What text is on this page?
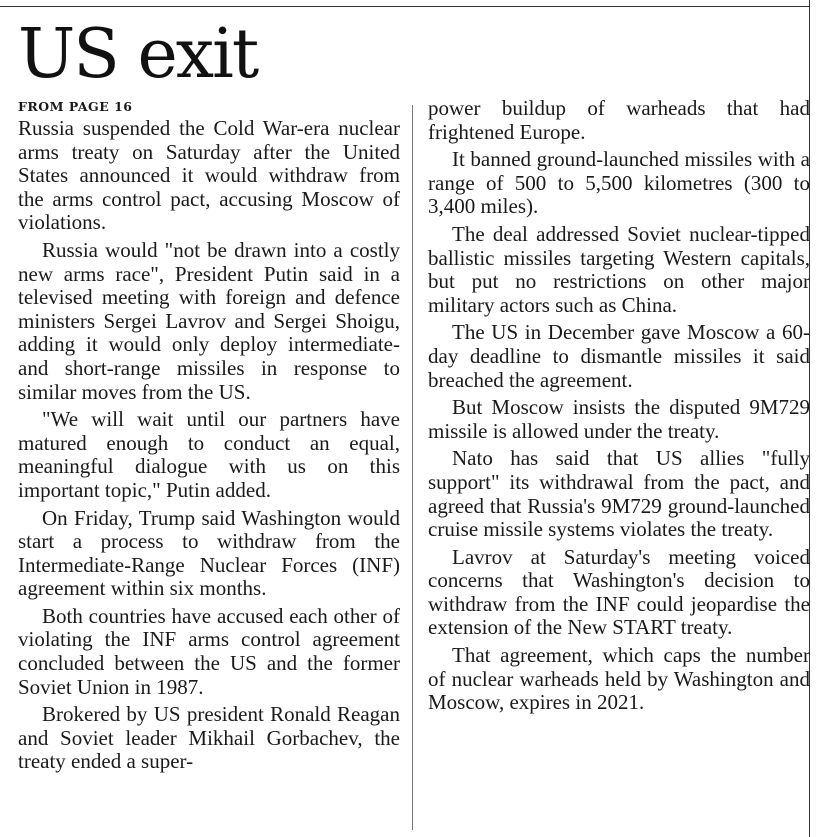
US exit
FROM PAGE 16

Russia suspended the Cold War-era nuclear arms treaty on Saturday after the United States announced it would withdraw from the arms control pact, accusing Moscow of violations.

Russia would "not be drawn into a costly new arms race", President Putin said in a televised meeting with foreign and defence ministers Sergei Lavrov and Sergei Shoigu, adding it would only deploy intermediate- and short-range missiles in response to similar moves from the US.

"We will wait until our partners have matured enough to conduct an equal, meaningful dialogue with us on this important topic," Putin added.

On Friday, Trump said Washington would start a process to withdraw from the Intermediate-Range Nuclear Forces (INF) agreement within six months.

Both countries have accused each other of violating the INF arms control agreement concluded between the US and the former Soviet Union in 1987.

Brokered by US president Ronald Reagan and Soviet leader Mikhail Gorbachev, the treaty ended a super-

power buildup of warheads that had frightened Europe.

It banned ground-launched missiles with a range of 500 to 5,500 kilometres (300 to 3,400 miles).

The deal addressed Soviet nuclear-tipped ballistic missiles targeting Western capitals, but put no restrictions on other major military actors such as China.

The US in December gave Moscow a 60-day deadline to dismantle missiles it said breached the agreement.

But Moscow insists the disputed 9M729 missile is allowed under the treaty.

Nato has said that US allies "fully support" its withdrawal from the pact, and agreed that Russia's 9M729 ground-launched cruise missile systems violates the treaty.

Lavrov at Saturday's meeting voiced concerns that Washington's decision to withdraw from the INF could jeopardise the extension of the New START treaty.

That agreement, which caps the number of nuclear warheads held by Washington and Moscow, expires in 2021.
